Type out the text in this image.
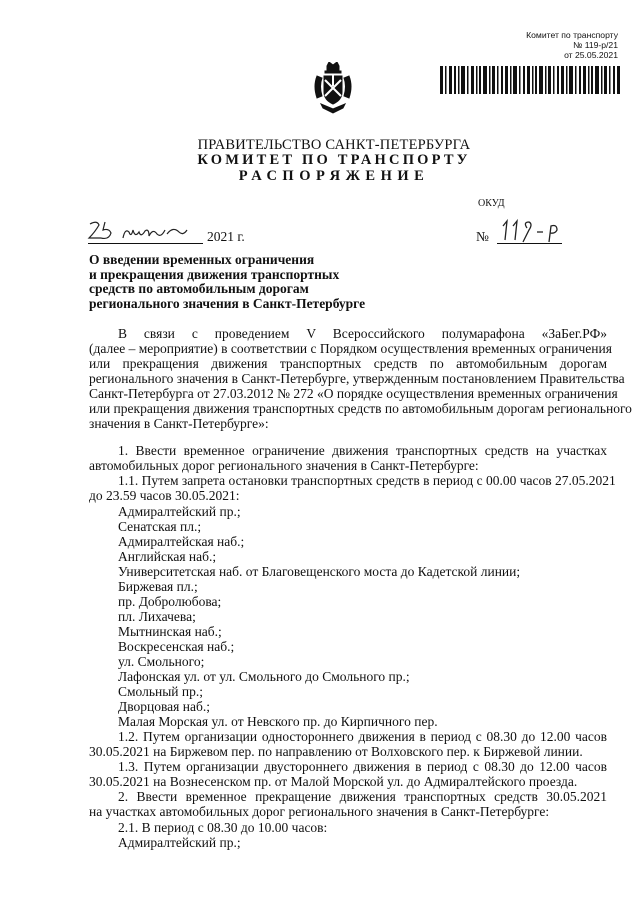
Комитет по транспорту
№ 119-р/21
от 25.05.2021
ПРАВИТЕЛЬСТВО САНКТ-ПЕТЕРБУРГА
КОМИТЕТ ПО ТРАНСПОРТУ
РАСПОРЯЖЕНИЕ
ОКУД
2021 г.	№
О введении временных ограничения
и прекращения движения транспортных
средств по автомобильным дорогам
регионального значения в Санкт-Петербурге
В связи с проведением V Всероссийского полумарафона «ЗаБег.РФ»
(далее – мероприятие) в соответствии с Порядком осуществления временных ограничения
или прекращения движения транспортных средств по автомобильным дорогам
регионального значения в Санкт-Петербурге, утвержденным постановлением Правительства
Санкт-Петербурга от 27.03.2012 № 272 «О порядке осуществления временных ограничения
или прекращения движения транспортных средств по автомобильным дорогам регионального
значения в Санкт-Петербурге»:
1. Ввести временное ограничение движения транспортных средств на участках
автомобильных дорог регионального значения в Санкт-Петербурге:
1.1. Путем запрета остановки транспортных средств в период с 00.00 часов 27.05.2021
до 23.59 часов 30.05.2021:
Адмиралтейский пр.;
Сенатская пл.;
Адмиралтейская наб.;
Английская наб.;
Университетская наб. от Благовещенского моста до Кадетской линии;
Биржевая пл.;
пр. Добролюбова;
пл. Лихачева;
Мытнинская наб.;
Воскресенская наб.;
ул. Смольного;
Лафонская ул. от ул. Смольного до Смольного пр.;
Смольный пр.;
Дворцовая наб.;
Малая Морская ул. от Невского пр. до Кирпичного пер.
1.2. Путем организации одностороннего движения в период с 08.30 до 12.00 часов
30.05.2021 на Биржевом пер. по направлению от Волховского пер. к Биржевой линии.
1.3. Путем организации двустороннего движения в период с 08.30 до 12.00 часов
30.05.2021 на Вознесенском пр. от Малой Морской ул. до Адмиралтейского проезда.
2. Ввести временное прекращение движения транспортных средств 30.05.2021
на участках автомобильных дорог регионального значения в Санкт-Петербурге:
2.1. В период с 08.30 до 10.00 часов:
Адмиралтейский пр.;
